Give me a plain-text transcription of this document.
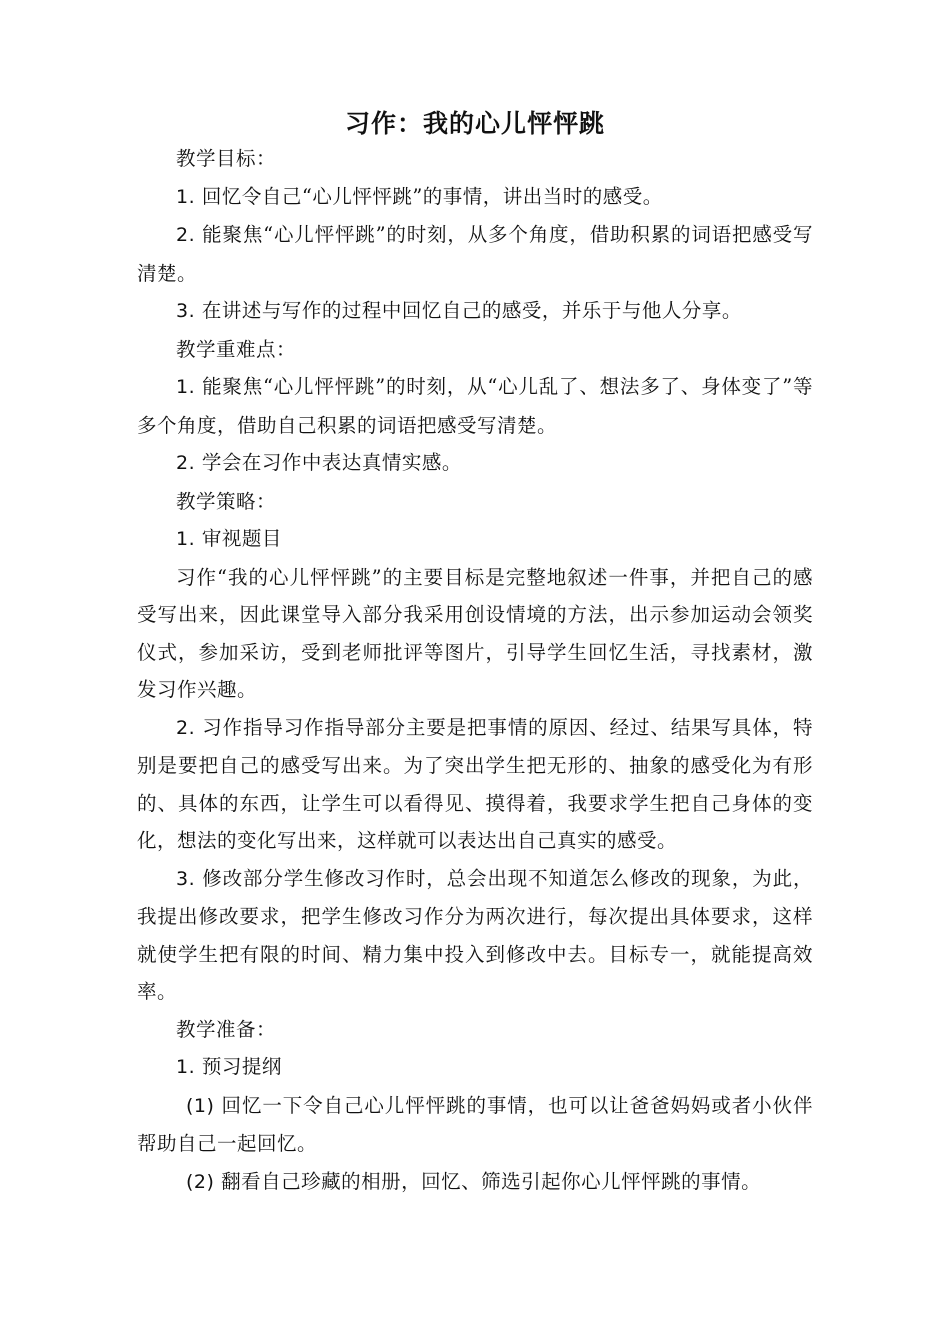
习作：我的心儿怦怦跳

教学目标：

1. 回忆令自己“心儿怦怦跳”的事情，讲出当时的感受。

2. 能聚焦“心儿怦怦跳”的时刻，从多个角度，借助积累的词语把感受写清楚。

3. 在讲述与写作的过程中回忆自己的感受，并乐于与他人分享。

教学重难点：

1. 能聚焦“心儿怦怦跳”的时刻，从“心儿乱了、想法多了、身体变了”等多个角度，借助自己积累的词语把感受写清楚。

2. 学会在习作中表达真情实感。

教学策略：

1. 审视题目

习作“我的心儿怦怦跳”的主要目标是完整地叙述一件事，并把自己的感受写出来，因此课堂导入部分我采用创设情境的方法，出示参加运动会领奖仪式，参加采访，受到老师批评等图片，引导学生回忆生活，寻找素材，激发习作兴趣。

2. 习作指导习作指导部分主要是把事情的原因、经过、结果写具体，特别是要把自己的感受写出来。为了突出学生把无形的、抽象的感受化为有形的、具体的东西，让学生可以看得见、摸得着，我要求学生把自己身体的变化，想法的变化写出来，这样就可以表达出自己真实的感受。

3. 修改部分学生修改习作时，总会出现不知道怎么修改的现象，为此，我提出修改要求，把学生修改习作分为两次进行，每次提出具体要求，这样就使学生把有限的时间、精力集中投入到修改中去。目标专一，就能提高效率。

教学准备：

1. 预习提纲

(1) 回忆一下令自己心儿怦怦跳的事情，也可以让爸爸妈妈或者小伙伴帮助自己一起回忆。

(2) 翻看自己珍藏的相册，回忆、筛选引起你心儿怦怦跳的事情。
